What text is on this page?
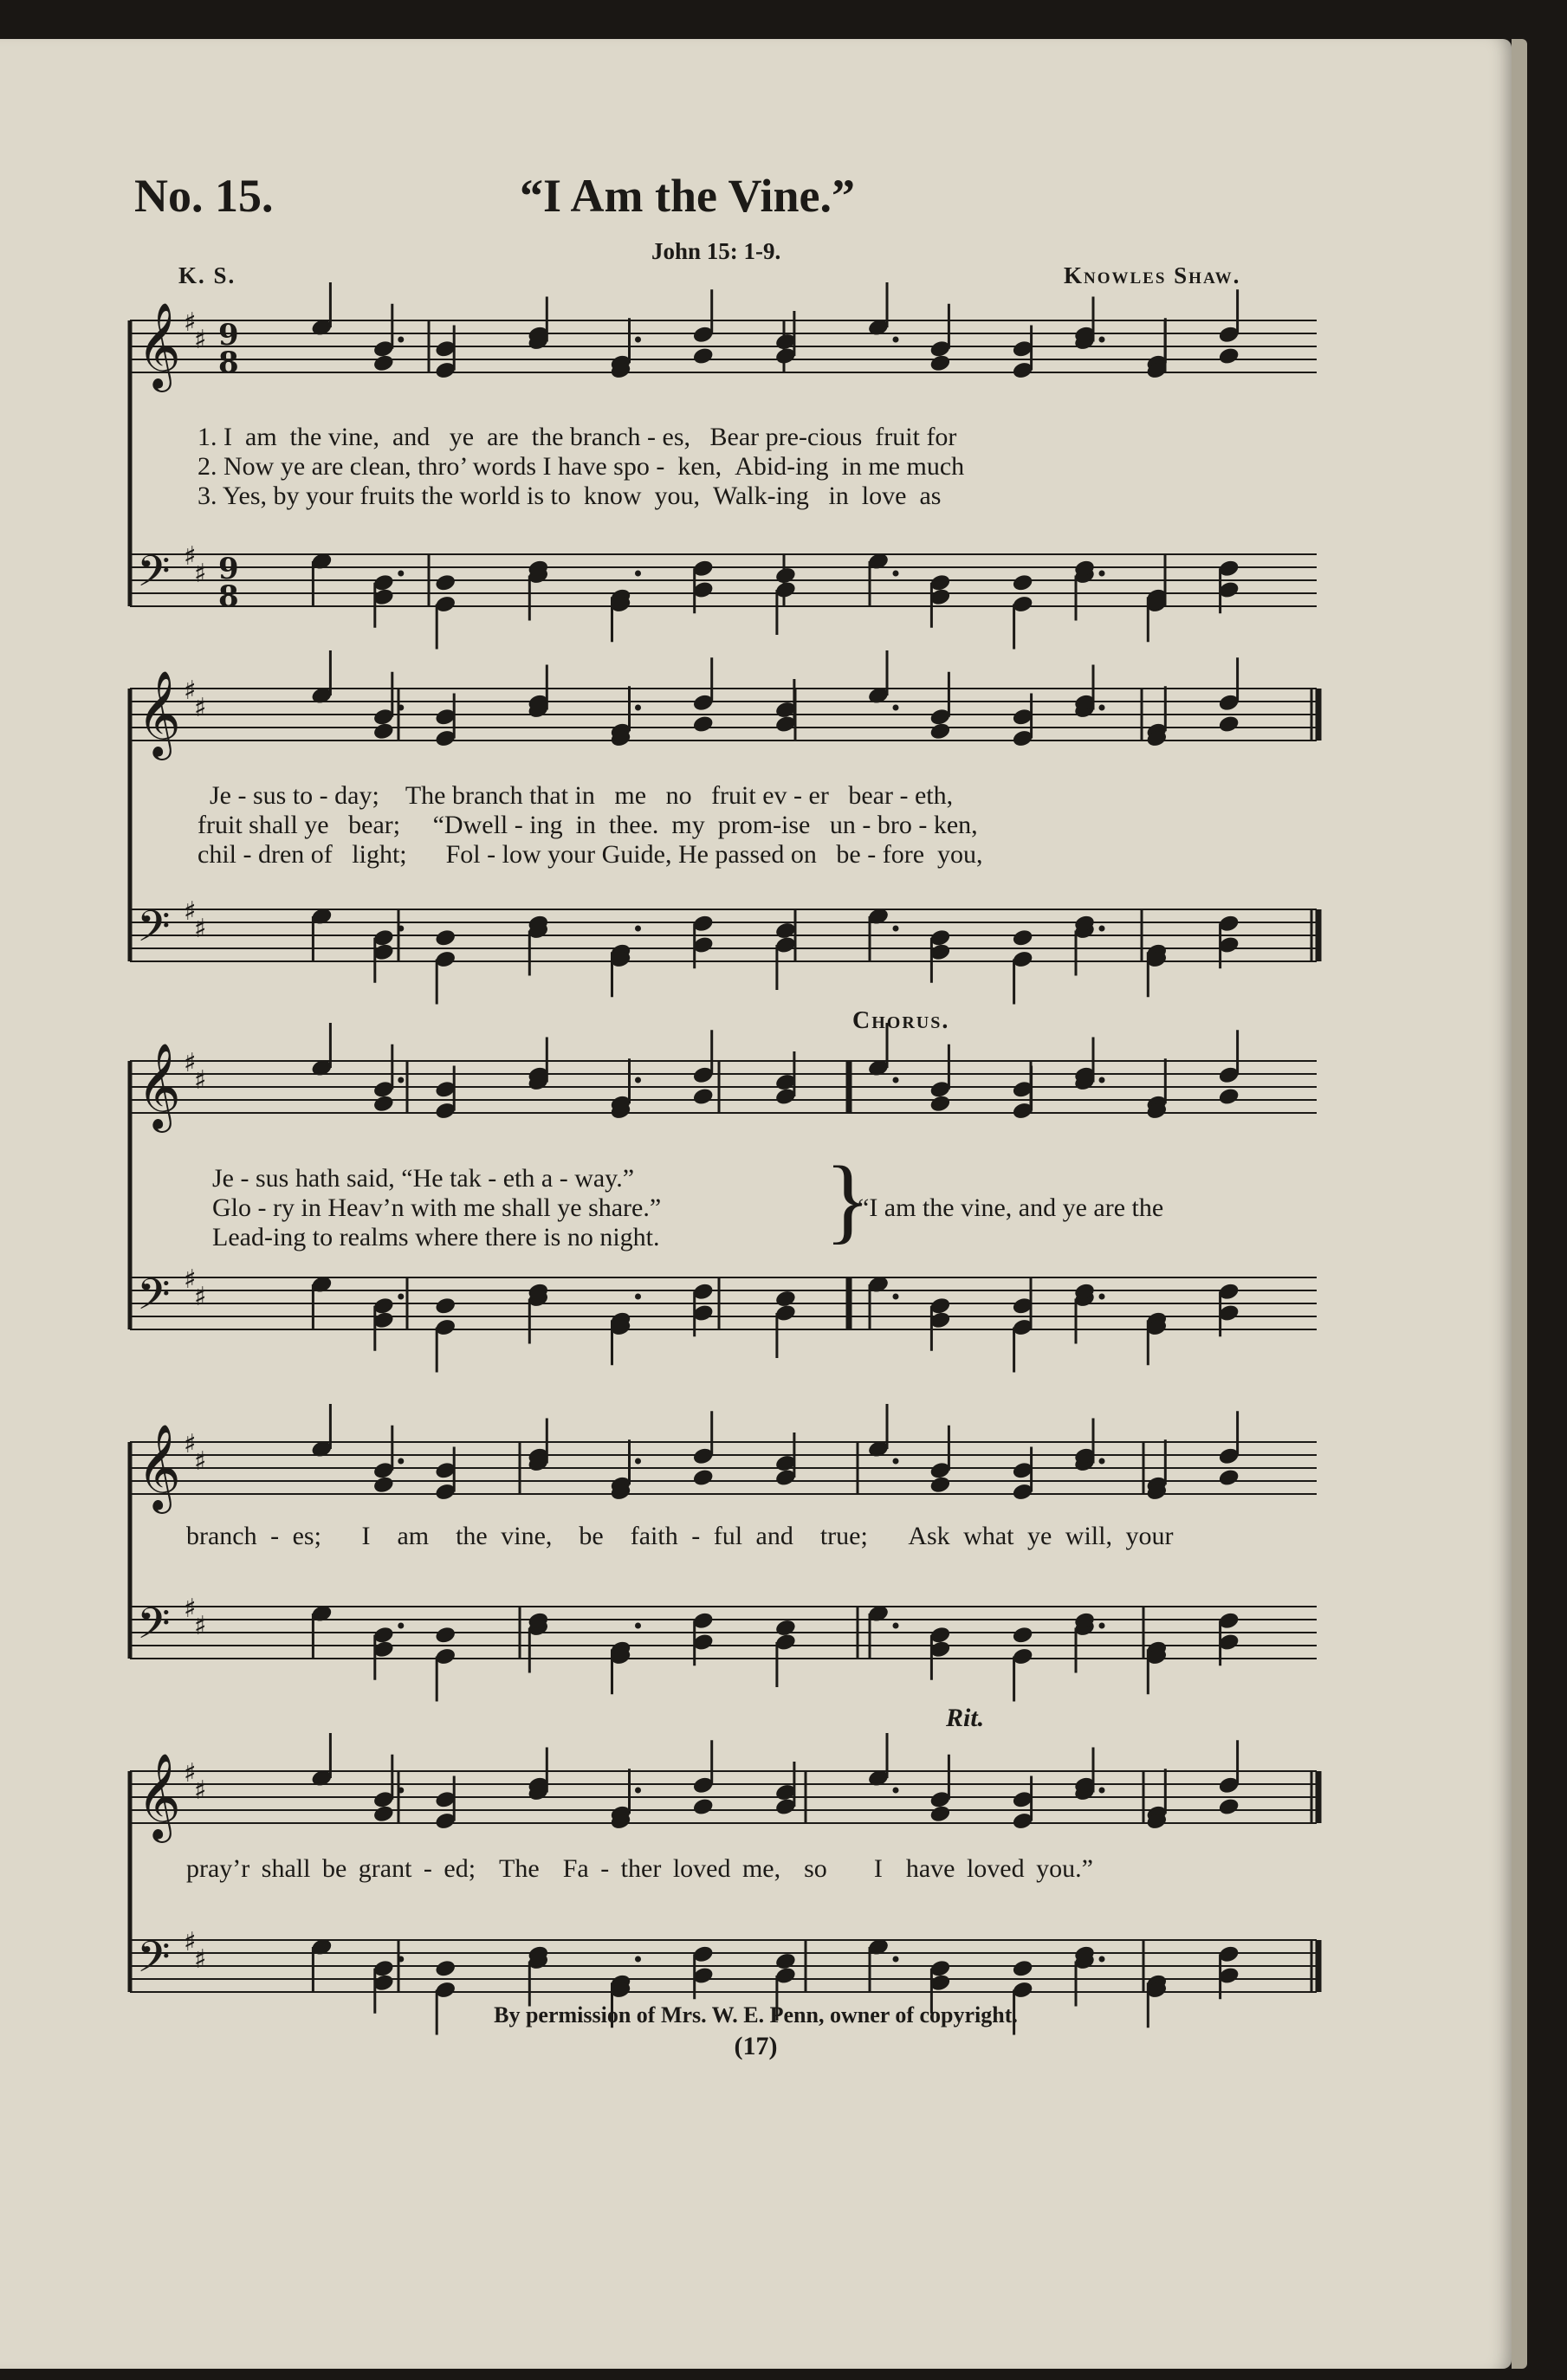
No. 15.	“I Am the Vine.”
John 15: 1-9.
K. S.	Knowles Shaw.
𝄞 ♯
♯ 9
8
𝄢 ♯
♯ 9
8
𝄞 ♯
♯
𝄢 ♯
♯
𝄞 ♯
♯
𝄢 ♯
♯
𝄞 ♯
♯
𝄢 ♯
♯
𝄞 ♯
♯
𝄢 ♯
♯
1. I am the vine, and ye are the branch - es, Bear pre-cious fruit for
2. Now ye are clean, thro’ words I have spo - ken, Abid-ing in me much
3. Yes, by your fruits the world is to know you, Walk-ing in love as
Je - sus to - day; The branch that in me no fruit ev - er bear - eth,
fruit shall ye bear; “Dwell - ing in thee. my prom-ise un - bro - ken,
chil - dren of light; Fol - low your Guide, He passed on be - fore you,
Chorus.
Je - sus hath said, “He tak - eth a - way.”
Glo - ry in Heav’n with me shall ye share.”
Lead-ing to realms where there is no night. }
“I am the vine, and ye are the
branch - es; I am the vine, be faith - ful and true; Ask what ye will, your
Rit.
pray’r shall be grant - ed; The Fa - ther loved me, so I have loved you.”
By permission of Mrs. W. E. Penn, owner of copyright.
(17)
